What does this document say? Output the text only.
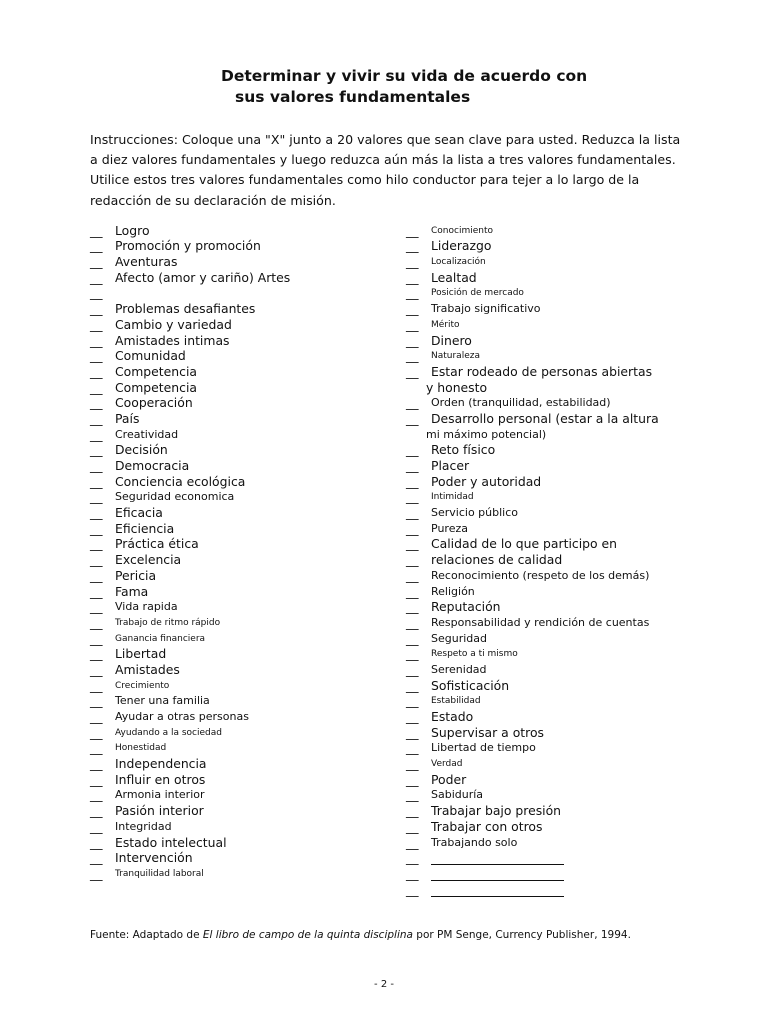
Determinar y vivir su vida de acuerdo con
sus valores fundamentales
Instrucciones: Coloque una "X" junto a 20 valores que sean clave para usted. Reduzca la lista a diez valores fundamentales y luego reduzca aún más la lista a tres valores fundamentales. Utilice estos tres valores fundamentales como hilo conductor para tejer a lo largo de la redacción de su declaración de misión.
__	Logro
__	Promoción y promoción
__	Aventuras
__	Afecto (amor y cariño) Artes
__
__	Problemas desafiantes
__	Cambio y variedad
__	Amistades intimas
__	Comunidad
__	Competencia
__	Competencia
__	Cooperación
__	País
__	Creatividad
__	Decisión
__	Democracia
__	Conciencia ecológica
__	Seguridad economica
__	Eficacia
__	Eficiencia
__	Práctica ética
__	Excelencia
__	Pericia
__	Fama
__	Vida rapida
__	Trabajo de ritmo rápido
__	Ganancia financiera
__	Libertad
__	Amistades
__	Crecimiento
__	Tener una familia
__	Ayudar a otras personas
__	Ayudando a la sociedad
__	Honestidad
__	Independencia
__	Influir en otros
__	Armonia interior
__	Pasión interior
__	Integridad
__	Estado intelectual
__	Intervención
__	Tranquilidad laboral
__	Conocimiento
__	Liderazgo
__	Localización
__	Lealtad
__	Posición de mercado
__	Trabajo significativo
__	Mérito
__	Dinero
__	Naturaleza
__	Estar rodeado de personas abiertas
y honesto
__	Orden (tranquilidad, estabilidad)
__	Desarrollo personal (estar a la altura
mi máximo potencial)
__	Reto físico
__	Placer
__	Poder y autoridad
__	Intimidad
__	Servicio público
__	Pureza
__	Calidad de lo que participo en
__	relaciones de calidad
__	Reconocimiento (respeto de los demás)
__	Religión
__	Reputación
__	Responsabilidad y rendición de cuentas
__	Seguridad
__	Respeto a ti mismo
__	Serenidad
__	Sofisticación
__	Estabilidad
__	Estado
__	Supervisar a otros
__	Libertad de tiempo
__	Verdad
__	Poder
__	Sabiduría
__	Trabajar bajo presión
__	Trabajar con otros
__	Trabajando solo
__
__
__
Fuente: Adaptado de El libro de campo de la quinta disciplina por PM Senge, Currency Publisher, 1994.
- 2 -
